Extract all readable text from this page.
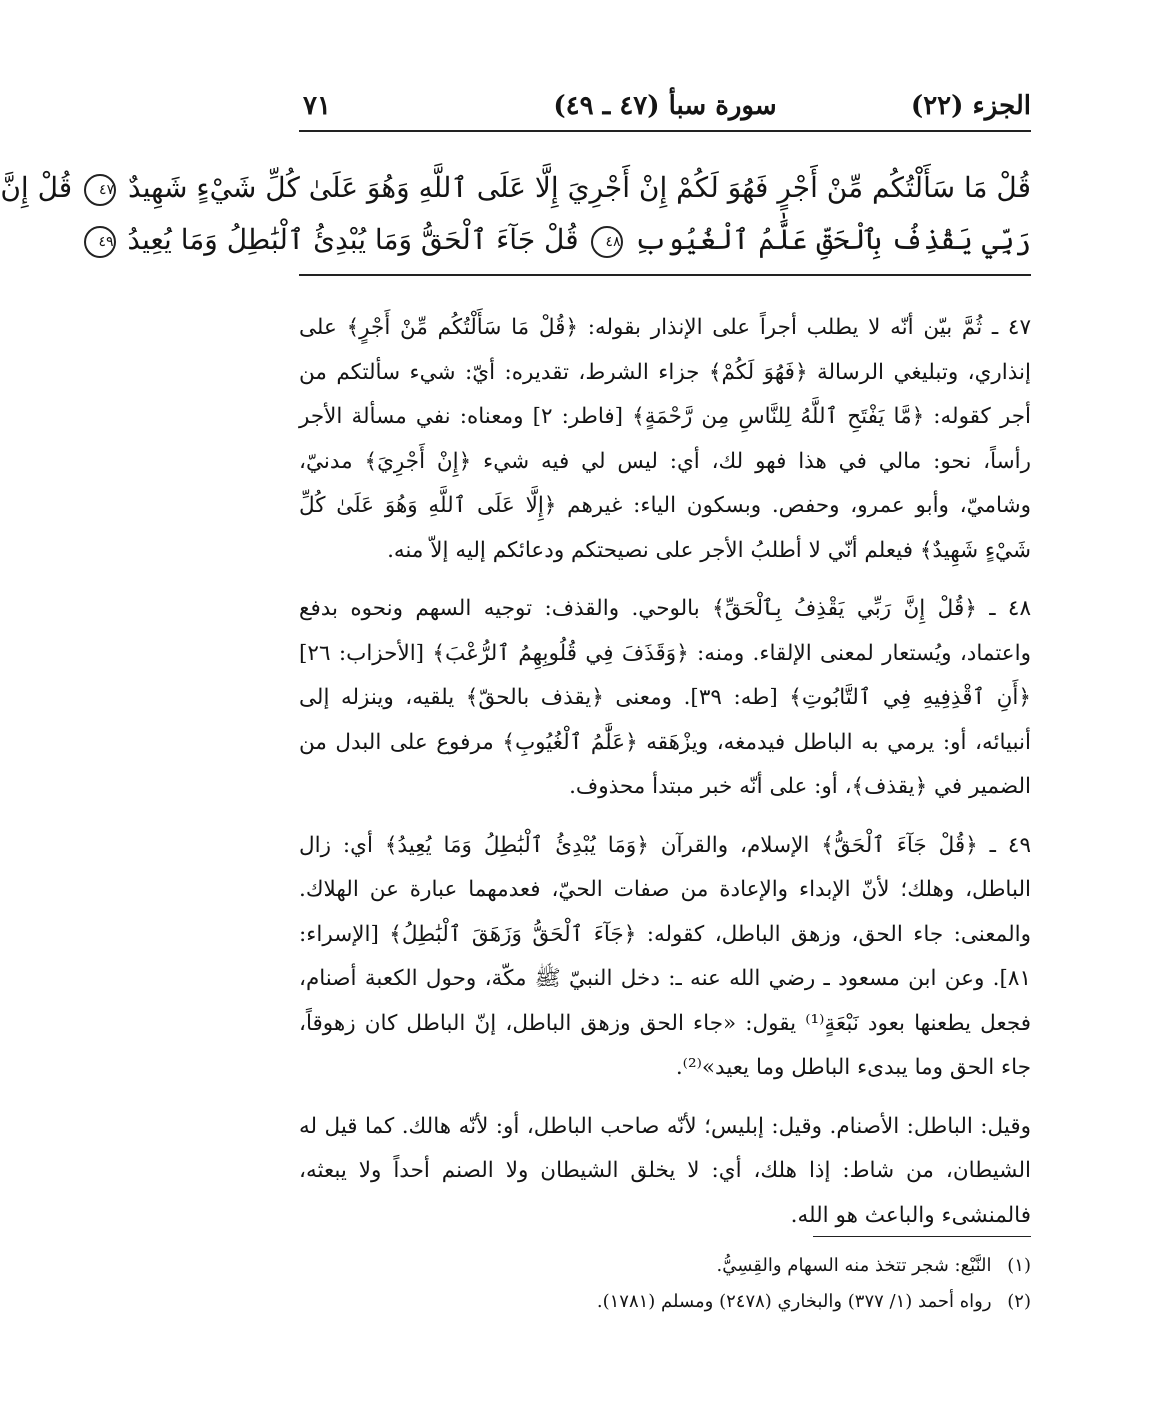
الجزء (٢٢)
سورة سبأ (٤٧ ـ ٤٩)
٧١
قُلْ مَا سَأَلْتُكُم مِّنْ أَجْرٍ فَهُوَ لَكُمْ إِنْ أَجْرِيَ إِلَّا عَلَى ٱللَّهِ وَهُوَ عَلَىٰ كُلِّ شَيْءٍ شَهِيدٌ ٤٧ قُلْ إِنَّ
رَبِّي يَقْذِفُ بِٱلْحَقِّ عَلَّٰمُ ٱلْغُيُوبِ ٤٨ قُلْ جَآءَ ٱلْحَقُّ وَمَا يُبْدِئُ ٱلْبَٰطِلُ وَمَا يُعِيدُ ٤٩

٤٧ ـ ثُمَّ بيّن أنّه لا يطلب أجراً على الإنذار بقوله: ﴿قُلْ مَا سَأَلْتُكُم مِّنْ أَجْرٍ﴾ على إنذاري، وتبليغي الرسالة ﴿فَهُوَ لَكُمْ﴾ جزاء الشرط، تقديره: أيّ: شيء سألتكم من أجر كقوله: ﴿مَّا يَفْتَحِ ٱللَّهُ لِلنَّاسِ مِن رَّحْمَةٍ﴾ [فاطر: ٢] ومعناه: نفي مسألة الأجر رأساً، نحو: مالي في هذا فهو لك، أي: ليس لي فيه شيء ﴿إِنْ أَجْرِيَ﴾ مدنيّ، وشاميّ، وأبو عمرو، وحفص. وبسكون الياء: غيرهم ﴿إِلَّا عَلَى ٱللَّهِ وَهُوَ عَلَىٰ كُلِّ شَيْءٍ شَهِيدٌ﴾ فيعلم أنّي لا أطلبُ الأجر على نصيحتكم ودعائكم إليه إلاّ منه.

٤٨ ـ ﴿قُلْ إِنَّ رَبِّي يَقْذِفُ بِٱلْحَقِّ﴾ بالوحي. والقذف: توجيه السهم ونحوه بدفع واعتماد، ويُستعار لمعنى الإلقاء. ومنه: ﴿وَقَذَفَ فِي قُلُوبِهِمُ ٱلرُّعْبَ﴾ [الأحزاب: ٢٦] ﴿أَنِ ٱقْذِفِيهِ فِي ٱلتَّابُوتِ﴾ [طه: ٣٩]. ومعنى ﴿يقذف بالحقّ﴾ يلقيه، وينزله إلى أنبيائه، أو: يرمي به الباطل فيدمغه، ويزْهَقه ﴿عَلَّٰمُ ٱلْغُيُوبِ﴾ مرفوع على البدل من الضمير في ﴿يقذف﴾، أو: على أنّه خبر مبتدأ محذوف.

٤٩ ـ ﴿قُلْ جَآءَ ٱلْحَقُّ﴾ الإسلام، والقرآن ﴿وَمَا يُبْدِئُ ٱلْبَٰطِلُ وَمَا يُعِيدُ﴾ أي: زال الباطل، وهلك؛ لأنّ الإبداء والإعادة من صفات الحيّ، فعدمهما عبارة عن الهلاك. والمعنى: جاء الحق، وزهق الباطل، كقوله: ﴿جَآءَ ٱلْحَقُّ وَزَهَقَ ٱلْبَٰطِلُ﴾ [الإسراء: ٨١]. وعن ابن مسعود ـ رضي الله عنه ـ: دخل النبيّ ﷺ مكّة، وحول الكعبة أصنام، فجعل يطعنها بعود نَبْعَةٍ⁽¹⁾ يقول: «جاء الحق وزهق الباطل، إنّ الباطل كان زهوقاً، جاء الحق وما يبدىء الباطل وما يعيد»⁽²⁾.

وقيل: الباطل: الأصنام. وقيل: إبليس؛ لأنّه صاحب الباطل، أو: لأنّه هالك. كما قيل له الشيطان، من شاط: إذا هلك، أي: لا يخلق الشيطان ولا الصنم أحداً ولا يبعثه، فالمنشىء والباعث هو الله.

(١) النَّبْع: شجر تتخذ منه السهام والقِسِيُّ.
(٢) رواه أحمد (١/ ٣٧٧) والبخاري (٢٤٧٨) ومسلم (١٧٨١).
